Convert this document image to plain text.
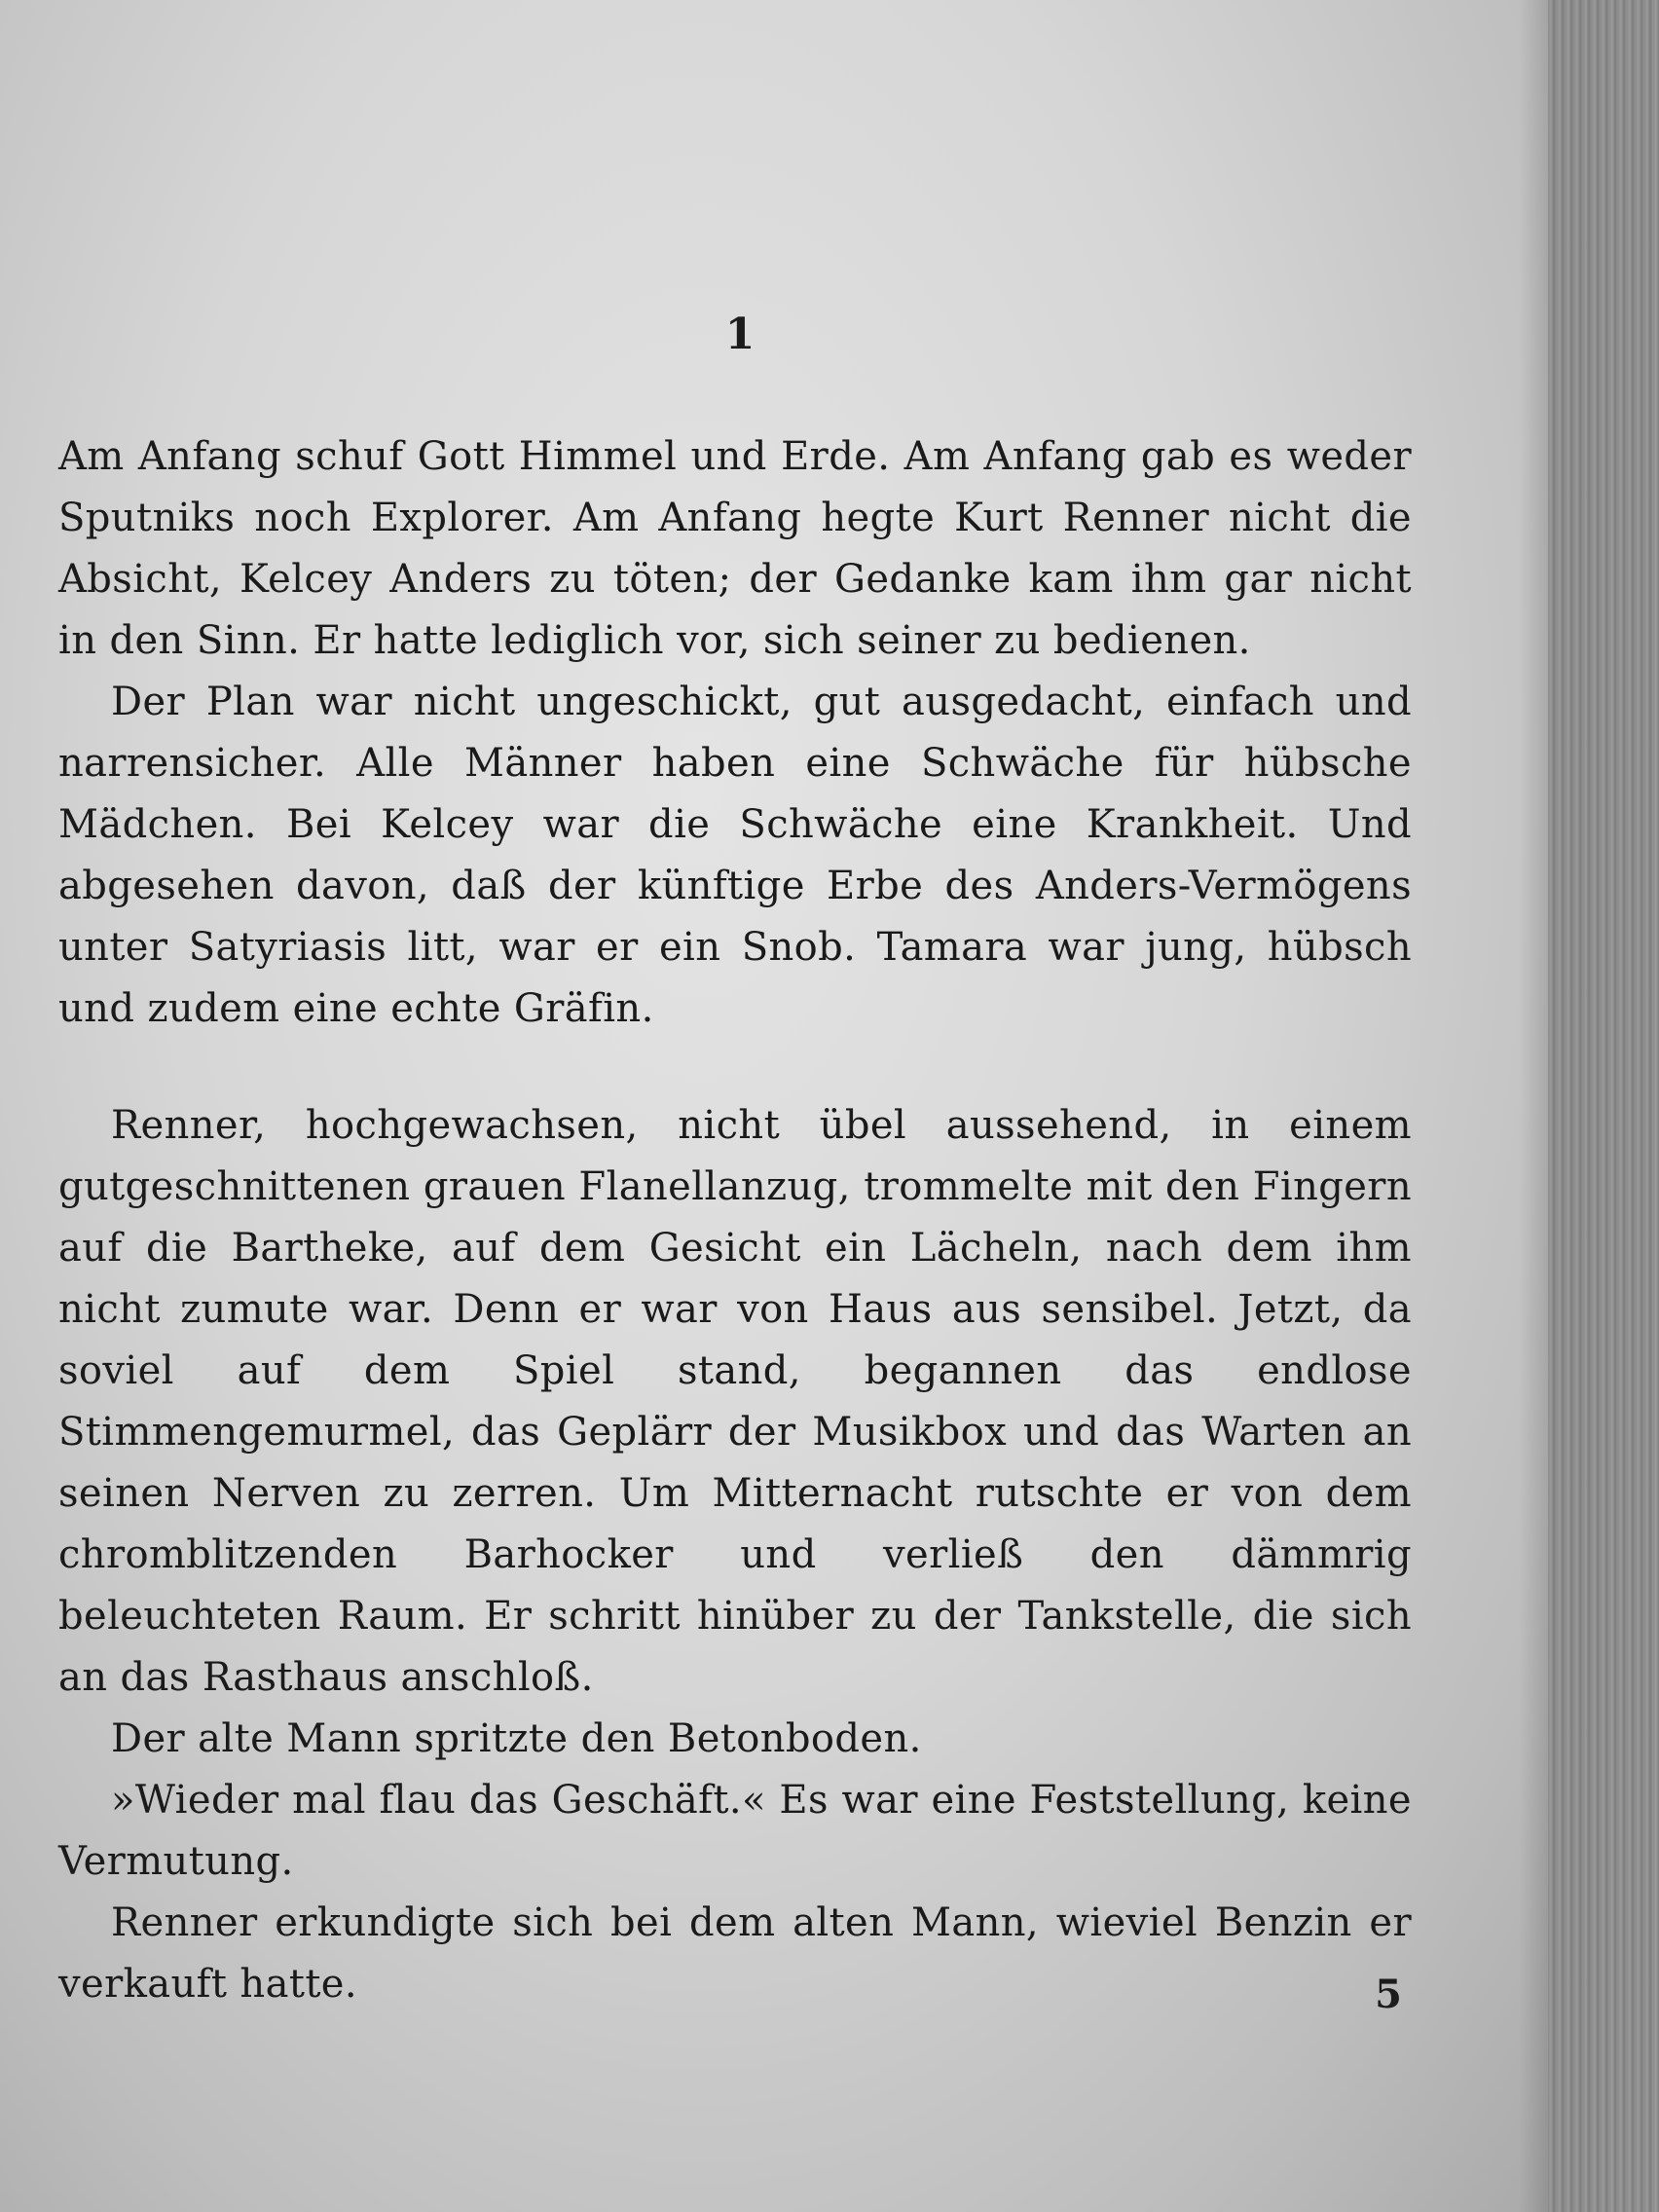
1

Am Anfang schuf Gott Himmel und Erde. Am Anfang gab es weder Sputniks noch Explorer. Am Anfang hegte Kurt Renner nicht die Absicht, Kelcey Anders zu töten; der Gedanke kam ihm gar nicht in den Sinn. Er hatte lediglich vor, sich seiner zu bedienen.

Der Plan war nicht ungeschickt, gut ausgedacht, einfach und narrensicher. Alle Männer haben eine Schwäche für hübsche Mädchen. Bei Kelcey war die Schwäche eine Krankheit. Und abgesehen davon, daß der künftige Erbe des Anders-Vermögens unter Satyriasis litt, war er ein Snob. Tamara war jung, hübsch und zudem eine echte Gräfin.

Renner, hochgewachsen, nicht übel aussehend, in einem gutgeschnittenen grauen Flanellanzug, trommelte mit den Fingern auf die Bartheke, auf dem Gesicht ein Lächeln, nach dem ihm nicht zumute war. Denn er war von Haus aus sensibel. Jetzt, da soviel auf dem Spiel stand, begannen das endlose Stimmengemurmel, das Geplärr der Musikbox und das Warten an seinen Nerven zu zerren. Um Mitternacht rutschte er von dem chromblitzenden Barhocker und verließ den dämmrig beleuchteten Raum. Er schritt hinüber zu der Tankstelle, die sich an das Rasthaus anschloß.

Der alte Mann spritzte den Betonboden.

»Wieder mal flau das Geschäft.« Es war eine Feststellung, keine Vermutung.

Renner erkundigte sich bei dem alten Mann, wieviel Benzin er verkauft hatte.	5
